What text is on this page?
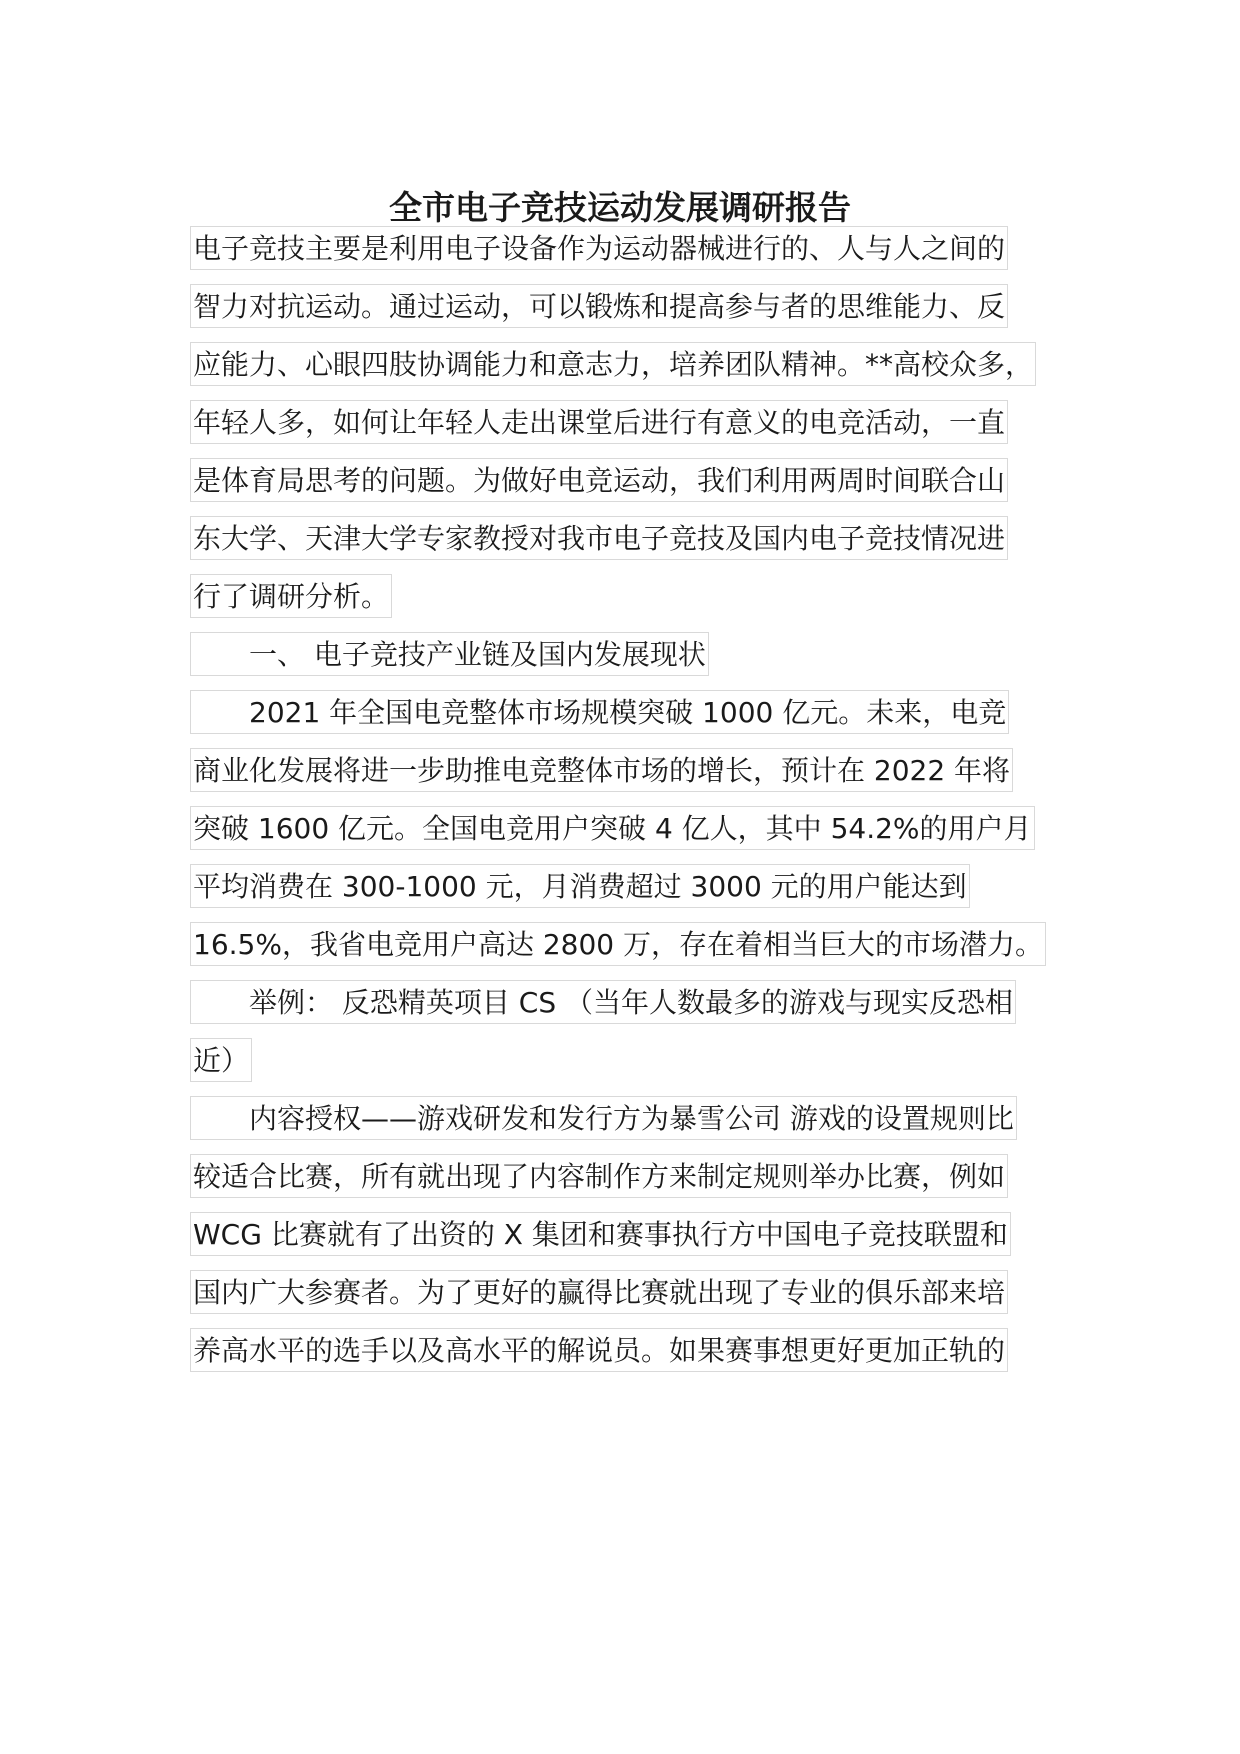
全市电子竞技运动发展调研报告
电子竞技主要是利用电子设备作为运动器械进行的、人与人之间的
智力对抗运动。通过运动，可以锻炼和提高参与者的思维能力、反
应能力、心眼四肢协调能力和意志力，培养团队精神。**高校众多，
年轻人多，如何让年轻人走出课堂后进行有意义的电竞活动，一直
是体育局思考的问题。为做好电竞运动，我们利用两周时间联合山
东大学、天津大学专家教授对我市电子竞技及国内电子竞技情况进
行了调研分析。
一、 电子竞技产业链及国内发展现状
2021 年全国电竞整体市场规模突破 1000 亿元。未来，电竞
商业化发展将进一步助推电竞整体市场的增长，预计在 2022 年将
突破 1600 亿元。全国电竞用户突破 4 亿人，其中 54.2%的用户月
平均消费在 300-1000 元，月消费超过 3000 元的用户能达到
16.5%，我省电竞用户高达 2800 万，存在着相当巨大的市场潜力。
举例： 反恐精英项目 CS （当年人数最多的游戏与现实反恐相
近）
内容授权——游戏研发和发行方为暴雪公司 游戏的设置规则比
较适合比赛，所有就出现了内容制作方来制定规则举办比赛，例如
WCG 比赛就有了出资的 X 集团和赛事执行方中国电子竞技联盟和
国内广大参赛者。为了更好的赢得比赛就出现了专业的俱乐部来培
养高水平的选手以及高水平的解说员。如果赛事想更好更加正轨的
